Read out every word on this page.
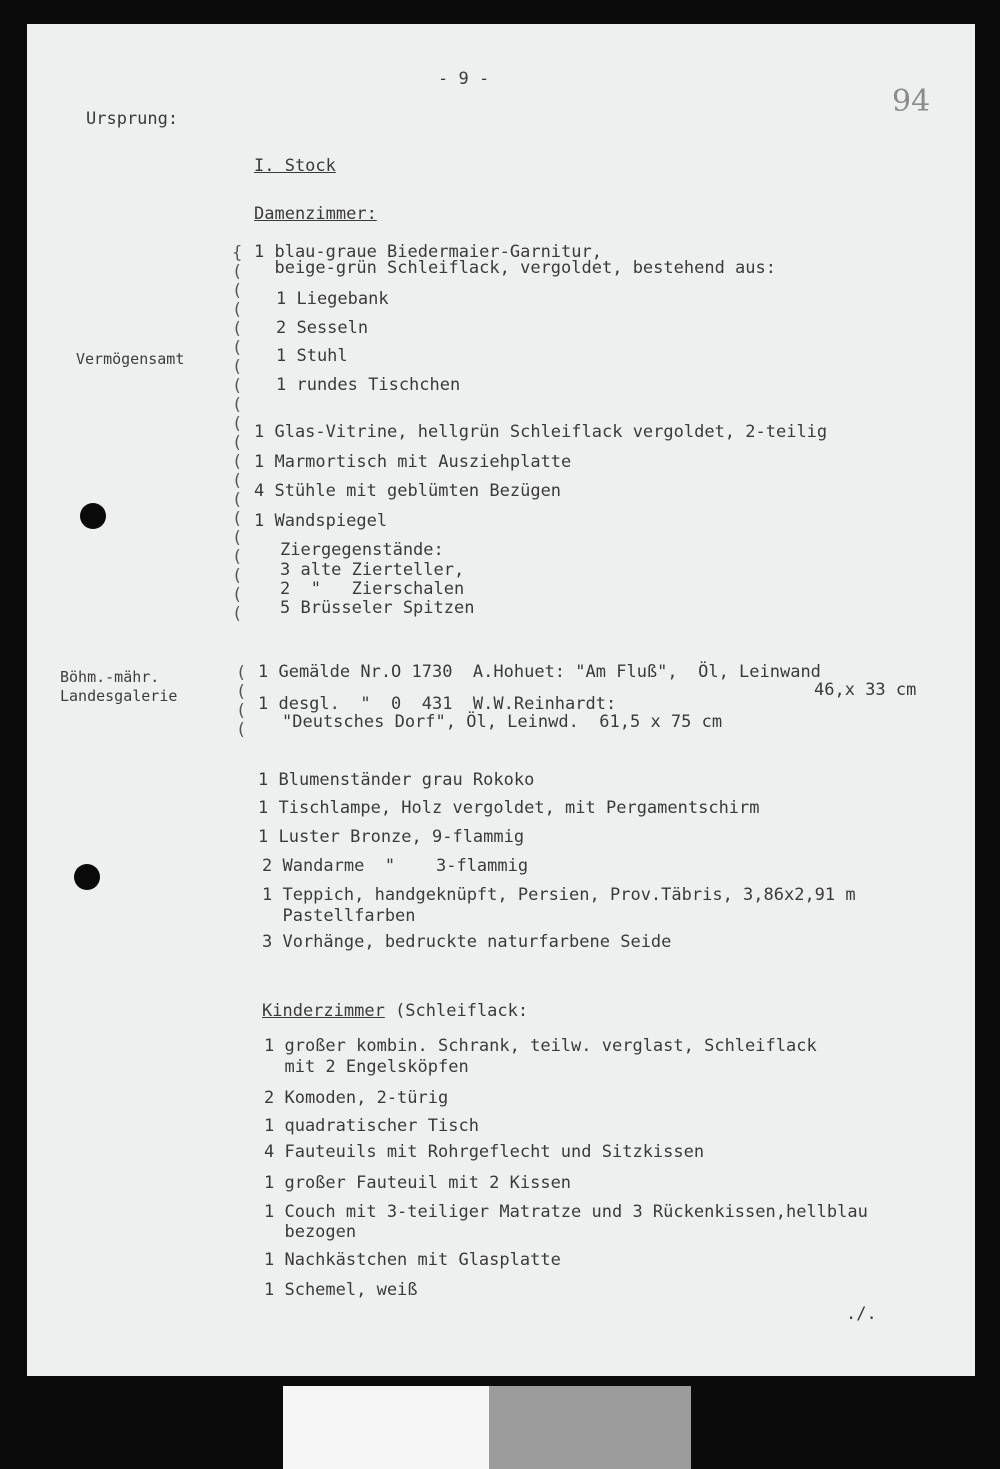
- 9 -
94
Ursprung:
I. Stock
Damenzimmer:
{
(
(
(
(
(
(
(
(
(
(
(
(
(
(
(
(
(
(
(

Vermögensamt
1 blau-graue Biedermaier-Garnitur,
beige-grün Schleiflack, vergoldet, bestehend aus:
1 Liegebank
2 Sesseln
1 Stuhl
1 rundes Tischchen
1 Glas-Vitrine, hellgrün Schleiflack vergoldet, 2-teilig
1 Marmortisch mit Ausziehplatte
4 Stühle mit geblümten Bezügen
1 Wandspiegel
Ziergegenstände:
3 alte Zierteller,
2  "   Zierschalen
5 Brüsseler Spitzen
Böhm.-mähr.
Landesgalerie
(
(
(
(

1 Gemälde Nr.O 1730  A.Hohuet: "Am Fluß",  Öl, Leinwand
46,x 33 cm
1 desgl.  "  0  431  W.W.Reinhardt:
"Deutsches Dorf", Öl, Leinwd.  61,5 x 75 cm
1 Blumenständer grau Rokoko
1 Tischlampe, Holz vergoldet, mit Pergamentschirm
1 Luster Bronze, 9-flammig
2 Wandarme  "    3-flammig
1 Teppich, handgeknüpft, Persien, Prov.Täbris, 3,86x2,91 m
Pastellfarben
3 Vorhänge, bedruckte naturfarbene Seide
Kinderzimmer (Schleiflack:
1 großer kombin. Schrank, teilw. verglast, Schleiflack
mit 2 Engelsköpfen
2 Komoden, 2-türig
1 quadratischer Tisch
4 Fauteuils mit Rohrgeflecht und Sitzkissen
1 großer Fauteuil mit 2 Kissen
1 Couch mit 3-teiliger Matratze und 3 Rückenkissen,hellblau
bezogen
1 Nachkästchen mit Glasplatte
1 Schemel, weiß
./.
